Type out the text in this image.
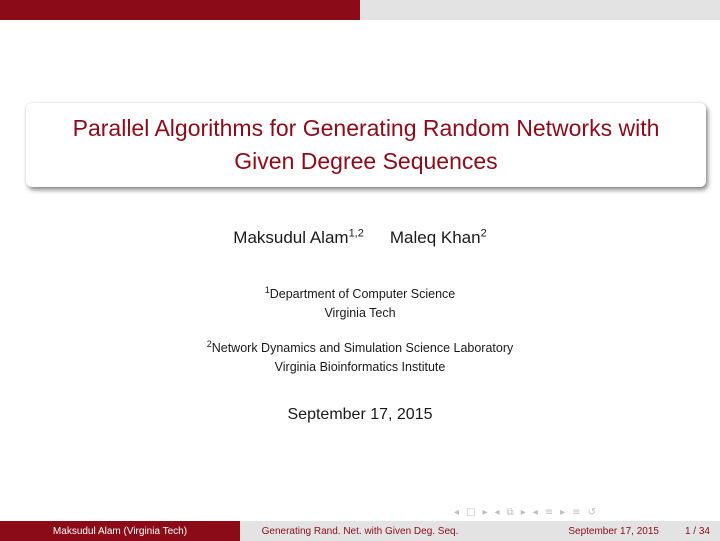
Parallel Algorithms for Generating Random Networks with
Given Degree Sequences
Maksudul Alam$^{1,2}$ Maleq Khan$^2$
$^1$Department of Computer Science
Virginia Tech
$^2$Network Dynamics and Simulation Science Laboratory
Virginia Bioinformatics Institute
September 17, 2015
◂ □ ▸ ◂ ⧉ ▸ ◂ ≡ ▸ ≡ ↺
Maksudul Alam (Virginia Tech)	Generating Rand. Net. with Given Deg. Seq.	September 17, 2015	1 / 34
